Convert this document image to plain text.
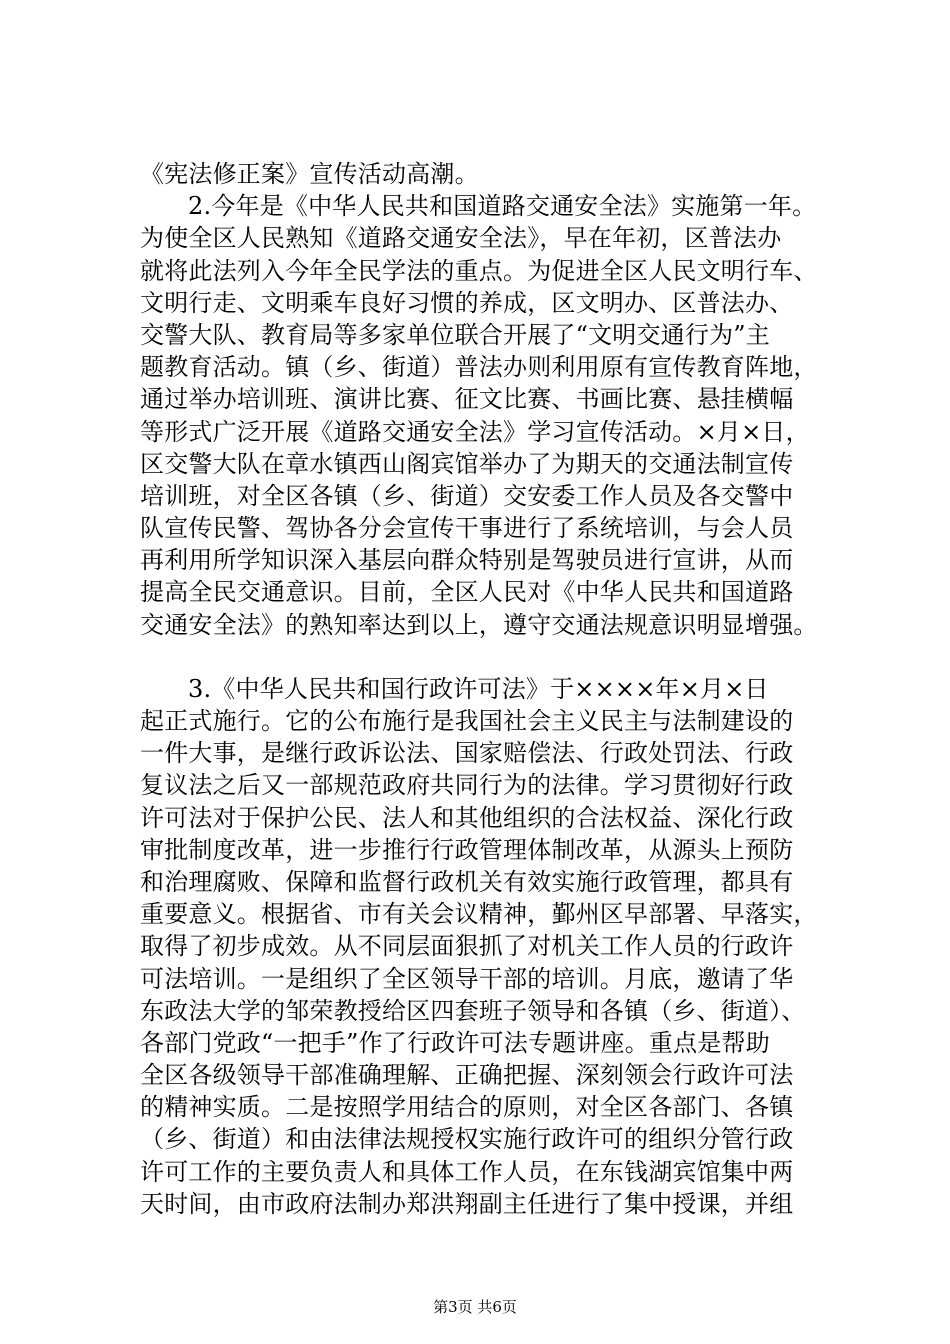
《宪法修正案》宣传活动高潮。
2.今年是《中华人民共和国道路交通安全法》实施第一年。
为使全区人民熟知《道路交通安全法》，早在年初，区普法办
就将此法列入今年全民学法的重点。为促进全区人民文明行车、
文明行走、文明乘车良好习惯的养成，区文明办、区普法办、
交警大队、教育局等多家单位联合开展了“文明交通行为”主
题教育活动。镇（乡、街道）普法办则利用原有宣传教育阵地，
通过举办培训班、演讲比赛、征文比赛、书画比赛、悬挂横幅
等形式广泛开展《道路交通安全法》学习宣传活动。×月×日，
区交警大队在章水镇西山阁宾馆举办了为期天的交通法制宣传
培训班，对全区各镇（乡、街道）交安委工作人员及各交警中
队宣传民警、驾协各分会宣传干事进行了系统培训，与会人员
再利用所学知识深入基层向群众特别是驾驶员进行宣讲，从而
提高全民交通意识。目前，全区人民对《中华人民共和国道路
交通安全法》的熟知率达到以上，遵守交通法规意识明显增强。
3.《中华人民共和国行政许可法》于××××年×月×日
起正式施行。它的公布施行是我国社会主义民主与法制建设的
一件大事，是继行政诉讼法、国家赔偿法、行政处罚法、行政
复议法之后又一部规范政府共同行为的法律。学习贯彻好行政
许可法对于保护公民、法人和其他组织的合法权益、深化行政
审批制度改革，进一步推行行政管理体制改革，从源头上预防
和治理腐败、保障和监督行政机关有效实施行政管理，都具有
重要意义。根据省、市有关会议精神，鄞州区早部署、早落实，
取得了初步成效。从不同层面狠抓了对机关工作人员的行政许
可法培训。一是组织了全区领导干部的培训。月底，邀请了华
东政法大学的邹荣教授给区四套班子领导和各镇（乡、街道）、
各部门党政“一把手”作了行政许可法专题讲座。重点是帮助
全区各级领导干部准确理解、正确把握、深刻领会行政许可法
的精神实质。二是按照学用结合的原则，对全区各部门、各镇
（乡、街道）和由法律法规授权实施行政许可的组织分管行政
许可工作的主要负责人和具体工作人员，在东钱湖宾馆集中两
天时间，由市政府法制办郑洪翔副主任进行了集中授课，并组
第3页 共6页
